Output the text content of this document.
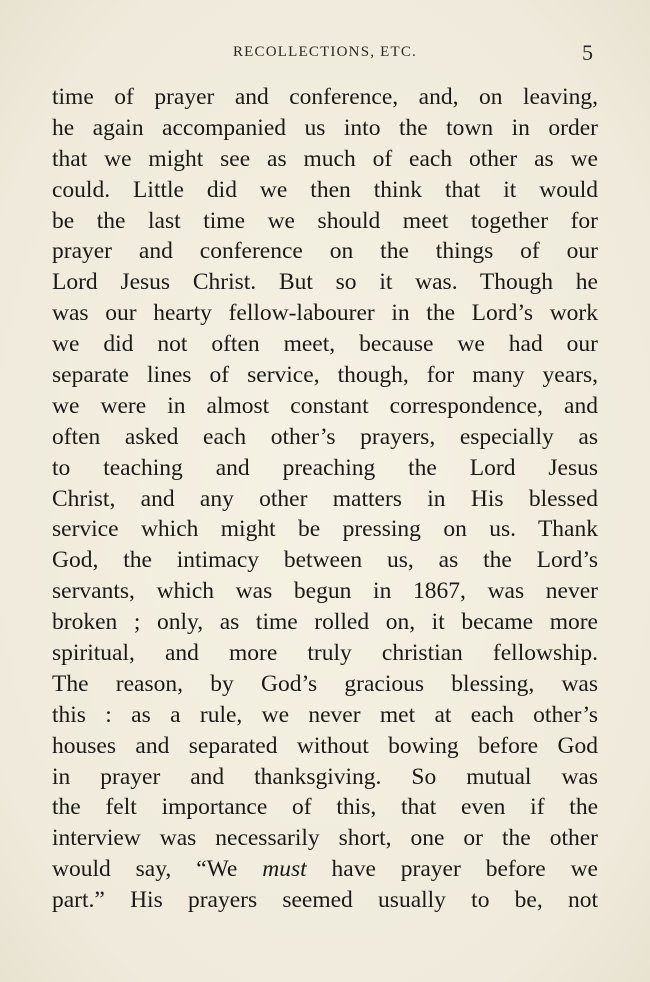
RECOLLECTIONS, ETC.	5
time of prayer and conference, and, on leaving,
he again accompanied us into the town in order
that we might see as much of each other as we
could. Little did we then think that it would
be the last time we should meet together for
prayer and conference on the things of our
Lord Jesus Christ. But so it was. Though he
was our hearty fellow-labourer in the Lord’s work
we did not often meet, because we had our
separate lines of service, though, for many years,
we were in almost constant correspondence, and
often asked each other’s prayers, especially as
to teaching and preaching the Lord Jesus
Christ, and any other matters in His blessed
service which might be pressing on us. Thank
God, the intimacy between us, as the Lord’s
servants, which was begun in 1867, was never
broken ; only, as time rolled on, it became more
spiritual, and more truly christian fellowship.
The reason, by God’s gracious blessing, was
this : as a rule, we never met at each other’s
houses and separated without bowing before God
in prayer and thanksgiving. So mutual was
the felt importance of this, that even if the
interview was necessarily short, one or the other
would say, “We must have prayer before we
part.” His prayers seemed usually to be, not
